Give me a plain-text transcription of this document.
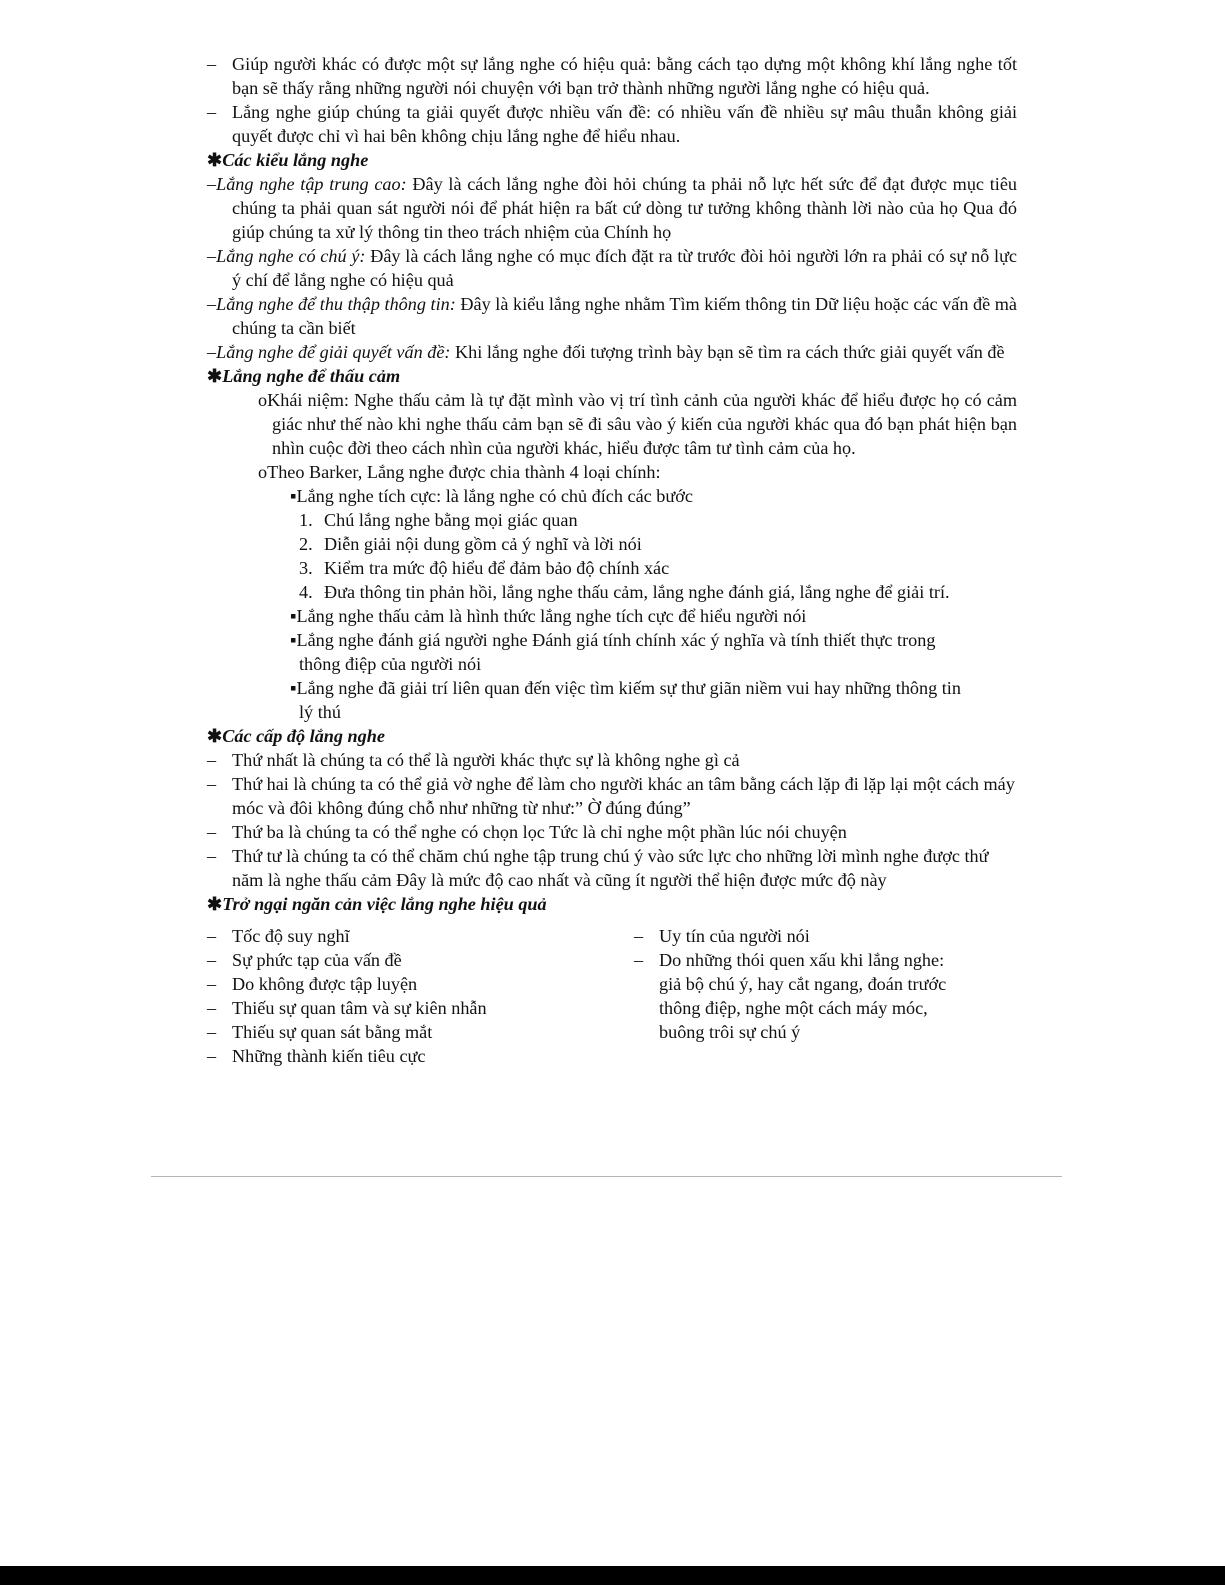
– Giúp người khác có được một sự lắng nghe có hiệu quả: bằng cách tạo dựng một không khí lắng nghe tốt bạn sẽ thấy rằng những người nói chuyện với bạn trở thành những người lắng nghe có hiệu quả.

– Lắng nghe giúp chúng ta giải quyết được nhiều vấn đề: có nhiều vấn đề nhiều sự mâu thuẫn không giải quyết được chỉ vì hai bên không chịu lắng nghe để hiểu nhau.

✱Các kiểu lắng nghe

–Lắng nghe tập trung cao: Đây là cách lắng nghe đòi hỏi chúng ta phải nỗ lực hết sức để đạt được mục tiêu chúng ta phải quan sát người nói để phát hiện ra bất cứ dòng tư tưởng không thành lời nào của họ Qua đó giúp chúng ta xử lý thông tin theo trách nhiệm của Chính họ

–Lắng nghe có chú ý: Đây là cách lắng nghe có mục đích đặt ra từ trước đòi hỏi người lớn ra phải có sự nỗ lực ý chí để lắng nghe có hiệu quả

–Lắng nghe để thu thập thông tin: Đây là kiểu lắng nghe nhằm Tìm kiếm thông tin Dữ liệu hoặc các vấn đề mà chúng ta cần biết

–Lắng nghe để giải quyết vấn đề: Khi lắng nghe đối tượng trình bày bạn sẽ tìm ra cách thức giải quyết vấn đề

✱Lắng nghe để thấu cảm

oKhái niệm: Nghe thấu cảm là tự đặt mình vào vị trí tình cảnh của người khác để hiểu được họ có cảm giác như thế nào khi nghe thấu cảm bạn sẽ đi sâu vào ý kiến của người khác qua đó bạn phát hiện bạn nhìn cuộc đời theo cách nhìn của người khác, hiểu được tâm tư tình cảm của họ.

oTheo Barker, Lắng nghe được chia thành 4 loại chính:

▪Lắng nghe tích cực: là lắng nghe có chủ đích các bước

1. Chú lắng nghe bằng mọi giác quan
2. Diễn giải nội dung gồm cả ý nghĩ và lời nói
3. Kiểm tra mức độ hiểu để đảm bảo độ chính xác
4. Đưa thông tin phản hồi, lắng nghe thấu cảm, lắng nghe đánh giá, lắng nghe để giải trí.

▪Lắng nghe thấu cảm là hình thức lắng nghe tích cực để hiểu người nói

▪Lắng nghe đánh giá người nghe Đánh giá tính chính xác ý nghĩa và tính thiết thực trong thông điệp của người nói

▪Lắng nghe đã giải trí liên quan đến việc tìm kiếm sự thư giãn niềm vui hay những thông tin lý thú

✱Các cấp độ lắng nghe

– Thứ nhất là chúng ta có thể là người khác thực sự là không nghe gì cả

– Thứ hai là chúng ta có thể giả vờ nghe để làm cho người khác an tâm bằng cách lặp đi lặp lại một cách máy móc và đôi không đúng chỗ như những từ như:” Ờ đúng đúng”

– Thứ ba là chúng ta có thể nghe có chọn lọc Tức là chỉ nghe một phần lúc nói chuyện

– Thứ tư là chúng ta có thể chăm chú nghe tập trung chú ý vào sức lực cho những lời mình nghe được thứ năm là nghe thấu cảm Đây là mức độ cao nhất và cũng ít người thể hiện được mức độ này

✱Trở ngại ngăn cản việc lắng nghe hiệu quả

– Tốc độ suy nghĩ

– Sự phức tạp của vấn đề

– Do không được tập luyện

– Thiếu sự quan tâm và sự kiên nhẫn

– Thiếu sự quan sát bằng mắt

– Những thành kiến tiêu cực

– Uy tín của người nói

– Do những thói quen xấu khi lắng nghe: giả bộ chú ý, hay cắt ngang, đoán trước thông điệp, nghe một cách máy móc, buông trôi sự chú ý
